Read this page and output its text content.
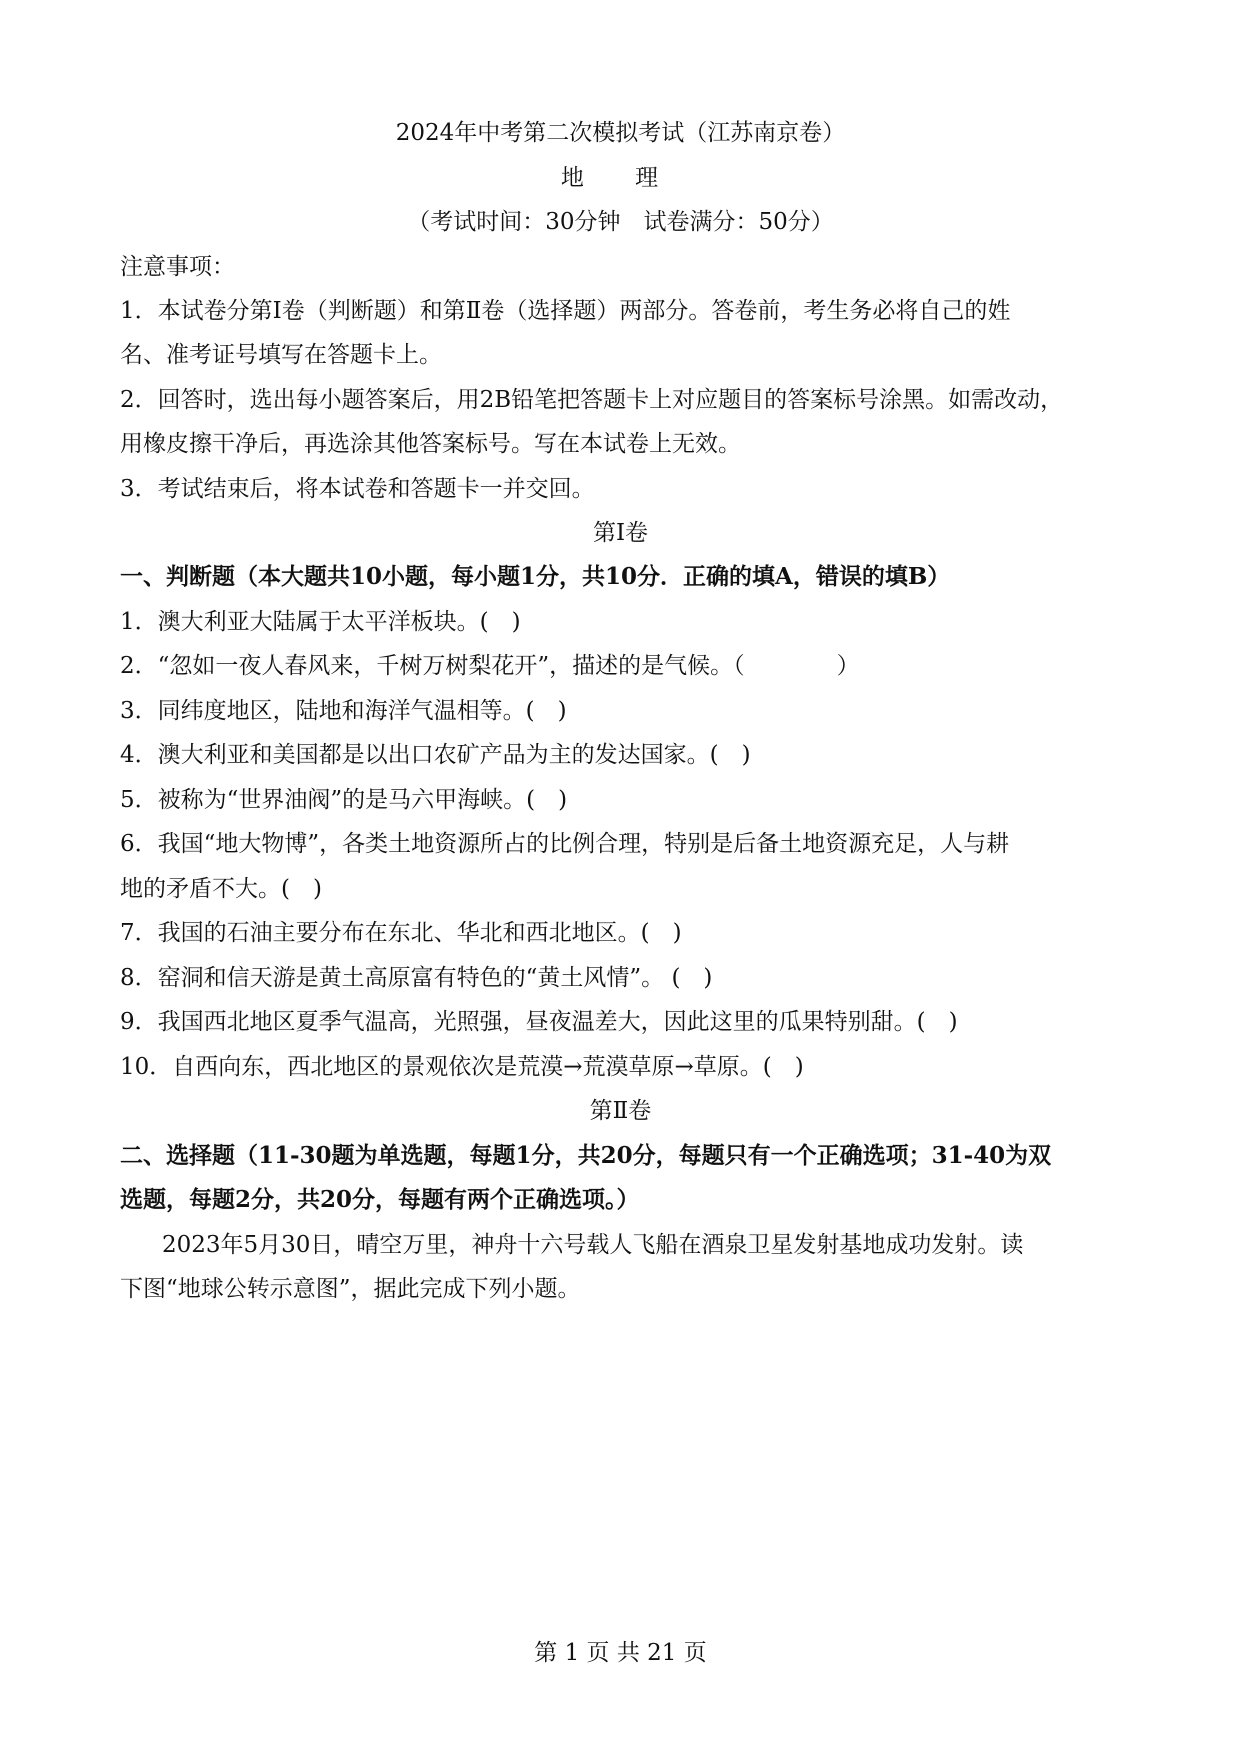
2024年中考第二次模拟考试（江苏南京卷）
地 理
（考试时间：30分钟　试卷满分：50分）
注意事项：
1．本试卷分第Ⅰ卷（判断题）和第Ⅱ卷（选择题）两部分。答卷前，考生务必将自己的姓
名、准考证号填写在答题卡上。
2．回答时，选出每小题答案后，用2B铅笔把答题卡上对应题目的答案标号涂黑。如需改动，
用橡皮擦干净后，再选涂其他答案标号。写在本试卷上无效。
3．考试结束后，将本试卷和答题卡一并交回。
第Ⅰ卷
一、判断题（本大题共10小题，每小题1分，共10分．正确的填A，错误的填B）
1．澳大利亚大陆属于太平洋板块。(　)
2．“忽如一夜人春风来，千树万树梨花开”，描述的是气候。（　　　　）
3．同纬度地区，陆地和海洋气温相等。(　)
4．澳大利亚和美国都是以出口农矿产品为主的发达国家。(　)
5．被称为“世界油阀”的是马六甲海峡。(　)
6．我国“地大物博”，各类土地资源所占的比例合理，特别是后备土地资源充足，人与耕
地的矛盾不大。(　)
7．我国的石油主要分布在东北、华北和西北地区。(　)
8．窑洞和信天游是黄土高原富有特色的“黄土风情”。 (　)
9．我国西北地区夏季气温高，光照强，昼夜温差大，因此这里的瓜果特别甜。(　)
10．自西向东，西北地区的景观依次是荒漠→荒漠草原→草原。(　)
第Ⅱ卷
二、选择题（11-30题为单选题，每题1分，共20分，每题只有一个正确选项；31-40为双
选题，每题2分，共20分，每题有两个正确选项。）
2023年5月30日，晴空万里，神舟十六号载人飞船在酒泉卫星发射基地成功发射。读
下图“地球公转示意图”，据此完成下列小题。
第 1 页 共 21 页
